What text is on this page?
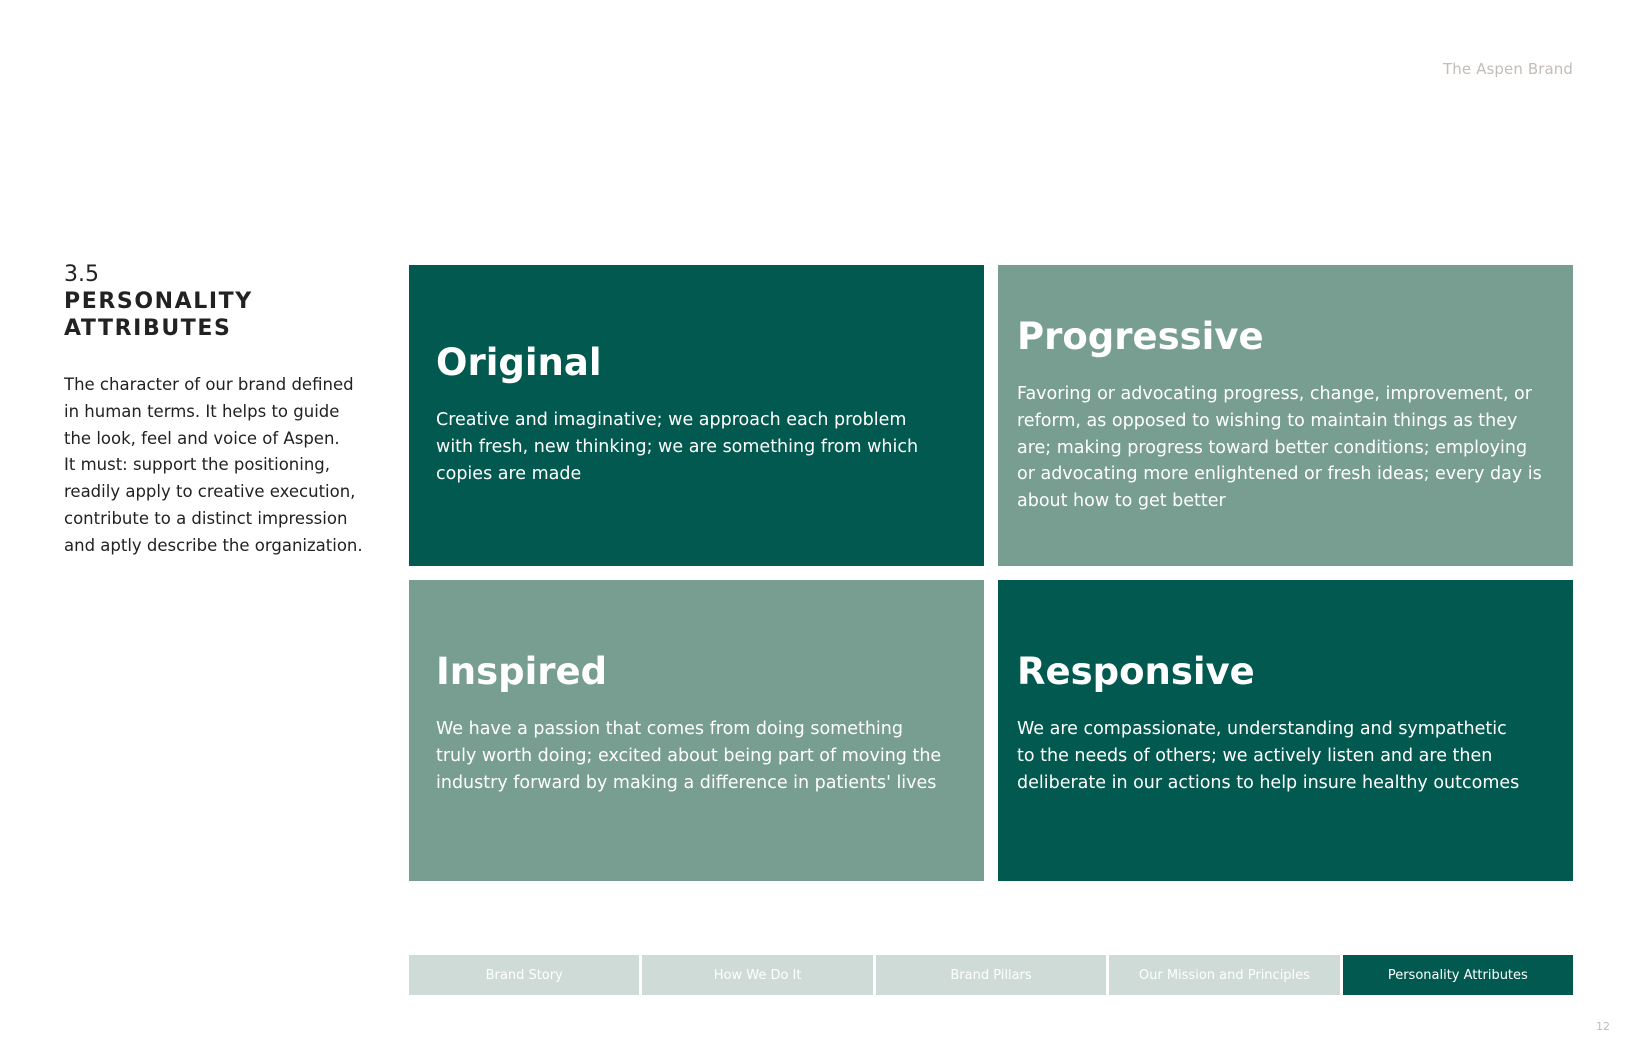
The Aspen Brand
3.5
PERSONALITY
ATTRIBUTES
The character of our brand defined
in human terms. It helps to guide
the look, feel and voice of Aspen.
It must: support the positioning,
readily apply to creative execution,
contribute to a distinct impression
and aptly describe the organization.
Original

Creative and imaginative; we approach each problem
with fresh, new thinking; we are something from which
copies are made

Progressive

Favoring or advocating progress, change, improvement, or
reform, as opposed to wishing to maintain things as they
are; making progress toward better conditions; employing
or advocating more enlightened or fresh ideas; every day is
about how to get better

Inspired

We have a passion that comes from doing something
truly worth doing; excited about being part of moving the
industry forward by making a difference in patients' lives

Responsive

We are compassionate, understanding and sympathetic
to the needs of others; we actively listen and are then
deliberate in our actions to help insure healthy outcomes

Brand Story	How We Do It	Brand Pillars	Our Mission and Principles	Personality Attributes
12
